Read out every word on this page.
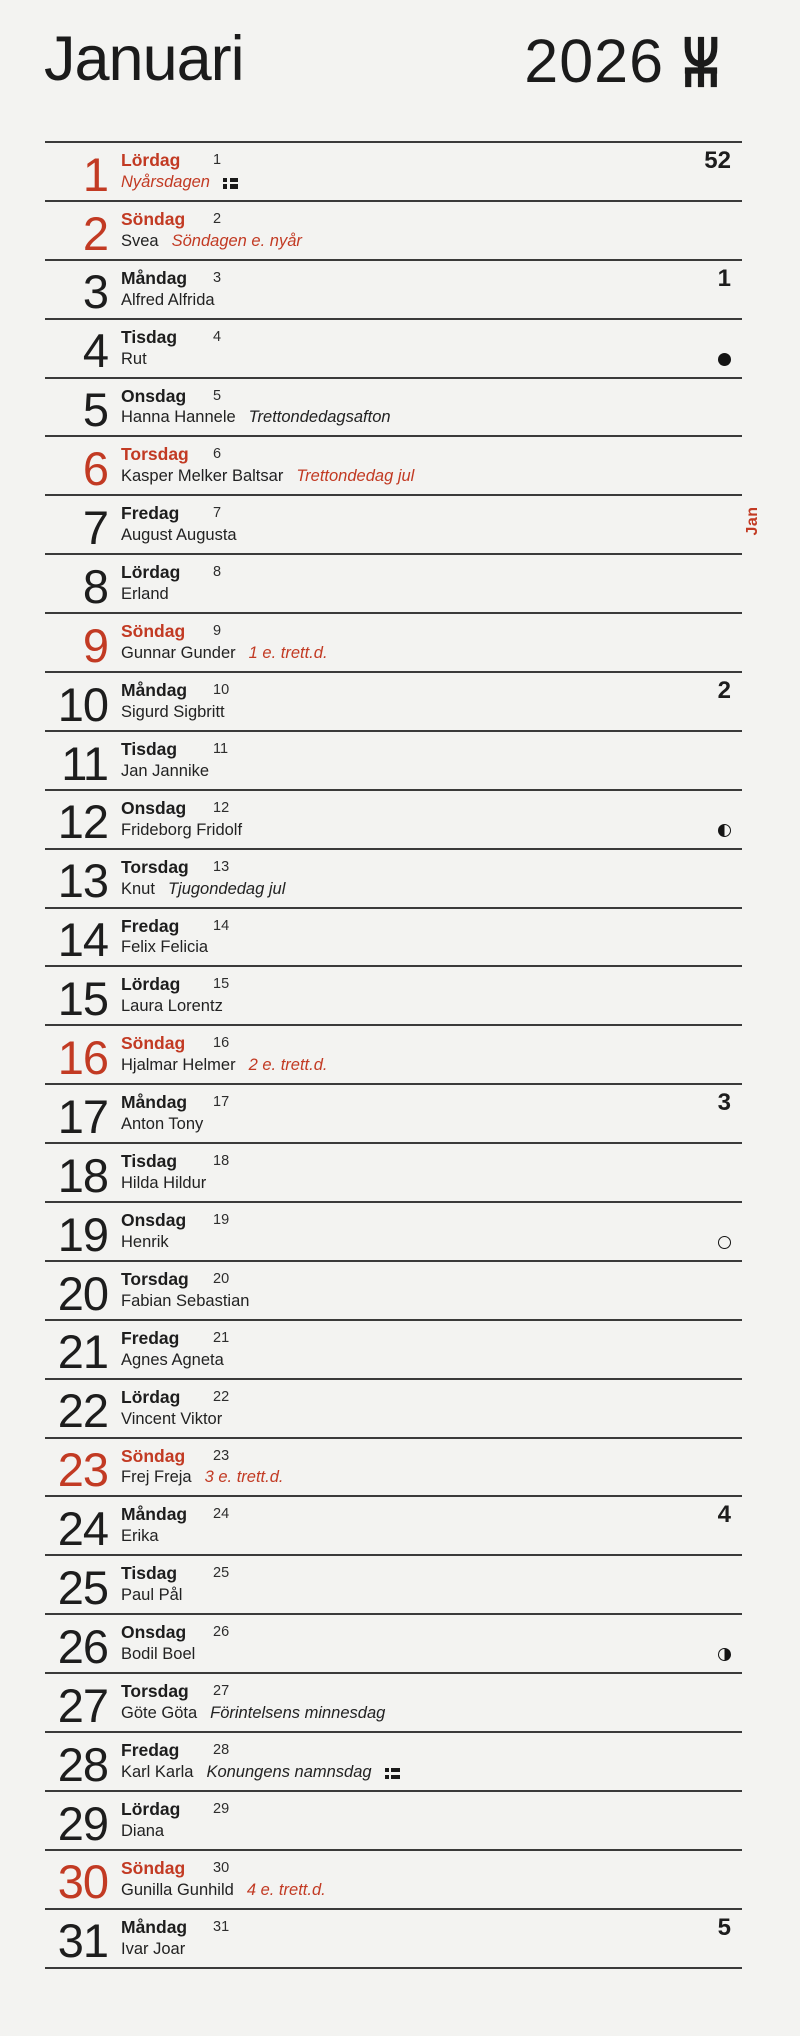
Januari	2026
1 Lördag 1
Nyårsdagen
52
2 Söndag 2
Svea Söndagen e. nyår
3 Måndag 3
Alfred Alfrida
1
4 Tisdag 4
Rut
5 Onsdag 5
Hanna Hannele Trettondedagsafton
6 Torsdag 6
Kasper Melker Baltsar Trettondedag jul
7 Fredag 7
August Augusta
8 Lördag 8
Erland
9 Söndag 9
Gunnar Gunder 1 e. trett.d.
10 Måndag 10
Sigurd Sigbritt
2
11 Tisdag 11
Jan Jannike
12 Onsdag 12
Frideborg Fridolf
13 Torsdag 13
Knut Tjugondedag jul
14 Fredag 14
Felix Felicia
15 Lördag 15
Laura Lorentz
16 Söndag 16
Hjalmar Helmer 2 e. trett.d.
17 Måndag 17
Anton Tony
3
18 Tisdag 18
Hilda Hildur
19 Onsdag 19
Henrik
20 Torsdag 20
Fabian Sebastian
21 Fredag 21
Agnes Agneta
22 Lördag 22
Vincent Viktor
23 Söndag 23
Frej Freja 3 e. trett.d.
24 Måndag 24
Erika
4
25 Tisdag 25
Paul Pål
26 Onsdag 26
Bodil Boel
27 Torsdag 27
Göte Göta Förintelsens minnesdag
28 Fredag 28
Karl Karla Konungens namnsdag
29 Lördag 29
Diana
30 Söndag 30
Gunilla Gunhild 4 e. trett.d.
31 Måndag 31
Ivar Joar
5
Jan
